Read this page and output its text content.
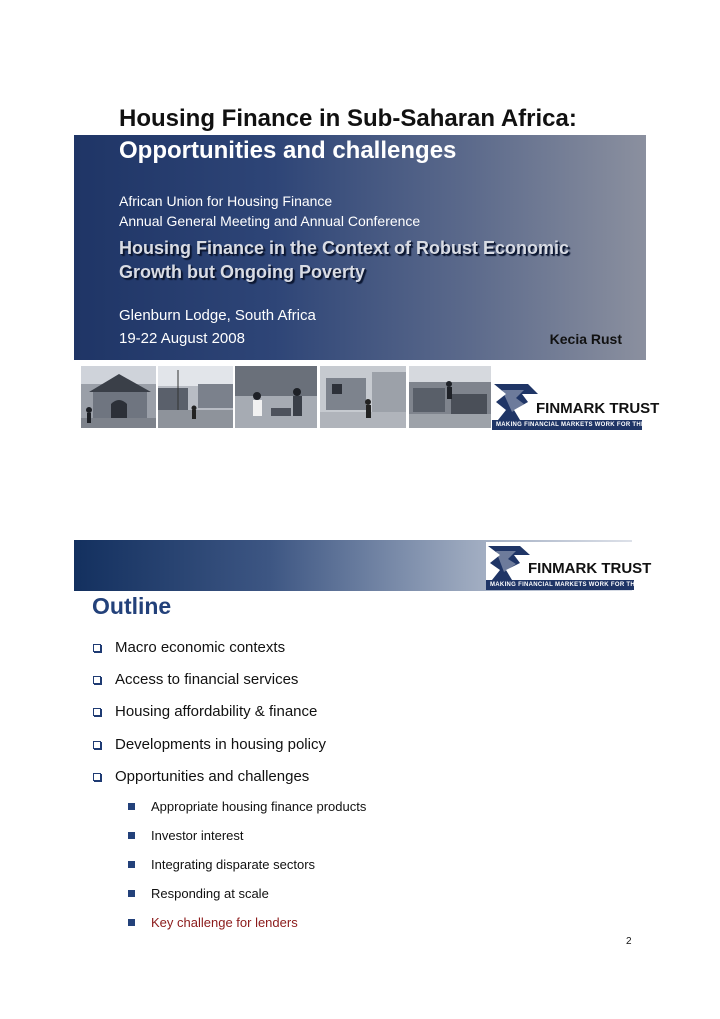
Housing Finance in Sub-Saharan Africa:
Opportunities and challenges
African Union for Housing Finance
Annual General Meeting and Annual Conference
Housing Finance in the Context of Robust Economic
Growth but Ongoing Poverty
Glenburn Lodge, South Africa
19-22 August 2008	Kecia Rust
FINMARK TRUST
MAKING FINANCIAL MARKETS WORK FOR THE POOR
FINMARK TRUST
MAKING FINANCIAL MARKETS WORK FOR THE POOR
Outline
Macro economic contexts
Access to financial services
Housing affordability & finance
Developments in housing policy
Opportunities and challenges
Appropriate housing finance products
Investor interest
Integrating disparate sectors
Responding at scale
Key challenge for lenders
2
